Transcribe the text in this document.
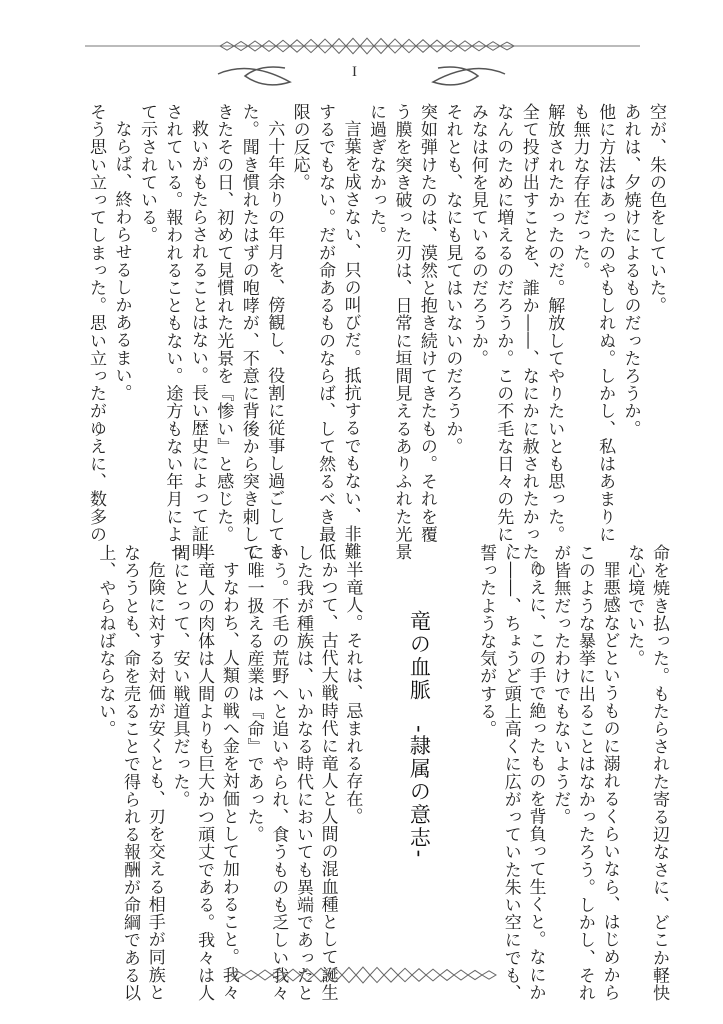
I
空が、朱の色をしていた。
あれは、夕焼けによるものだったろうか。
他に方法はあったのやもしれぬ。しかし、私はあまりに
も無力な存在だった。
解放されたかったのだ。解放してやりたいとも思った。
全て投げ出すことを、誰か――、なにかに赦されたかった。
なんのために増えるのだろうか。この不毛な日々の先に、
みなは何を見ているのだろうか。
それとも、なにも見てはいないのだろうか。
突如弾けたのは、漠然と抱き続けてきたもの。それを覆
う膜を突き破った刃は、日常に垣間見えるありふれた光景
に過ぎなかった。
言葉を成さない、只の叫びだ。抵抗するでもない、非難
するでもない。だが命あるものならば、して然るべき最低
限の反応。
六十年余りの年月を、傍観し、役割に従事し過ごしてき
た。聞き慣れたはずの咆哮が、不意に背後から突き刺して
きたその日、初めて見慣れた光景を『惨い』と感じた。
救いがもたらされることはない。長い歴史によって証明
されている。報われることもない。途方もない年月によっ
て示されている。
ならば、終わらせるしかあるまい。
そう思い立ってしまった。思い立ったがゆえに、数多の
命を焼き払った。もたらされた寄る辺なさに、どこか軽快
な心境でいた。
罪悪感などというものに溺れるくらいなら、はじめから
このような暴挙に出ることはなかったろう。しかし、それ
が皆無だったわけでもないようだ。
ゆえに、この手で絶ったものを背負って生くと。なにか
に――、ちょうど頭上高くに広がっていた朱い空にでも、
誓ったような気がする。
竜の血脈　-隷属の意志-
半竜人。それは、忌まれる存在。
かつて、古代大戦時代に竜人と人間の混血種として誕生
した我が種族は、いかなる時代においても異端であったと
いう。不毛の荒野へと追いやられ、食うものも乏しい我々
に唯一扱える産業は『命』であった。
すなわち、人類の戦へ金を対価として加わること。我々
半竜人の肉体は人間よりも巨大かつ頑丈である。我々は人
間にとって、安い戦道具だった。
危険に対する対価が安くとも、刃を交える相手が同族と
なろうとも、命を売ることで得られる報酬が命綱である以
上、やらねばならない。
